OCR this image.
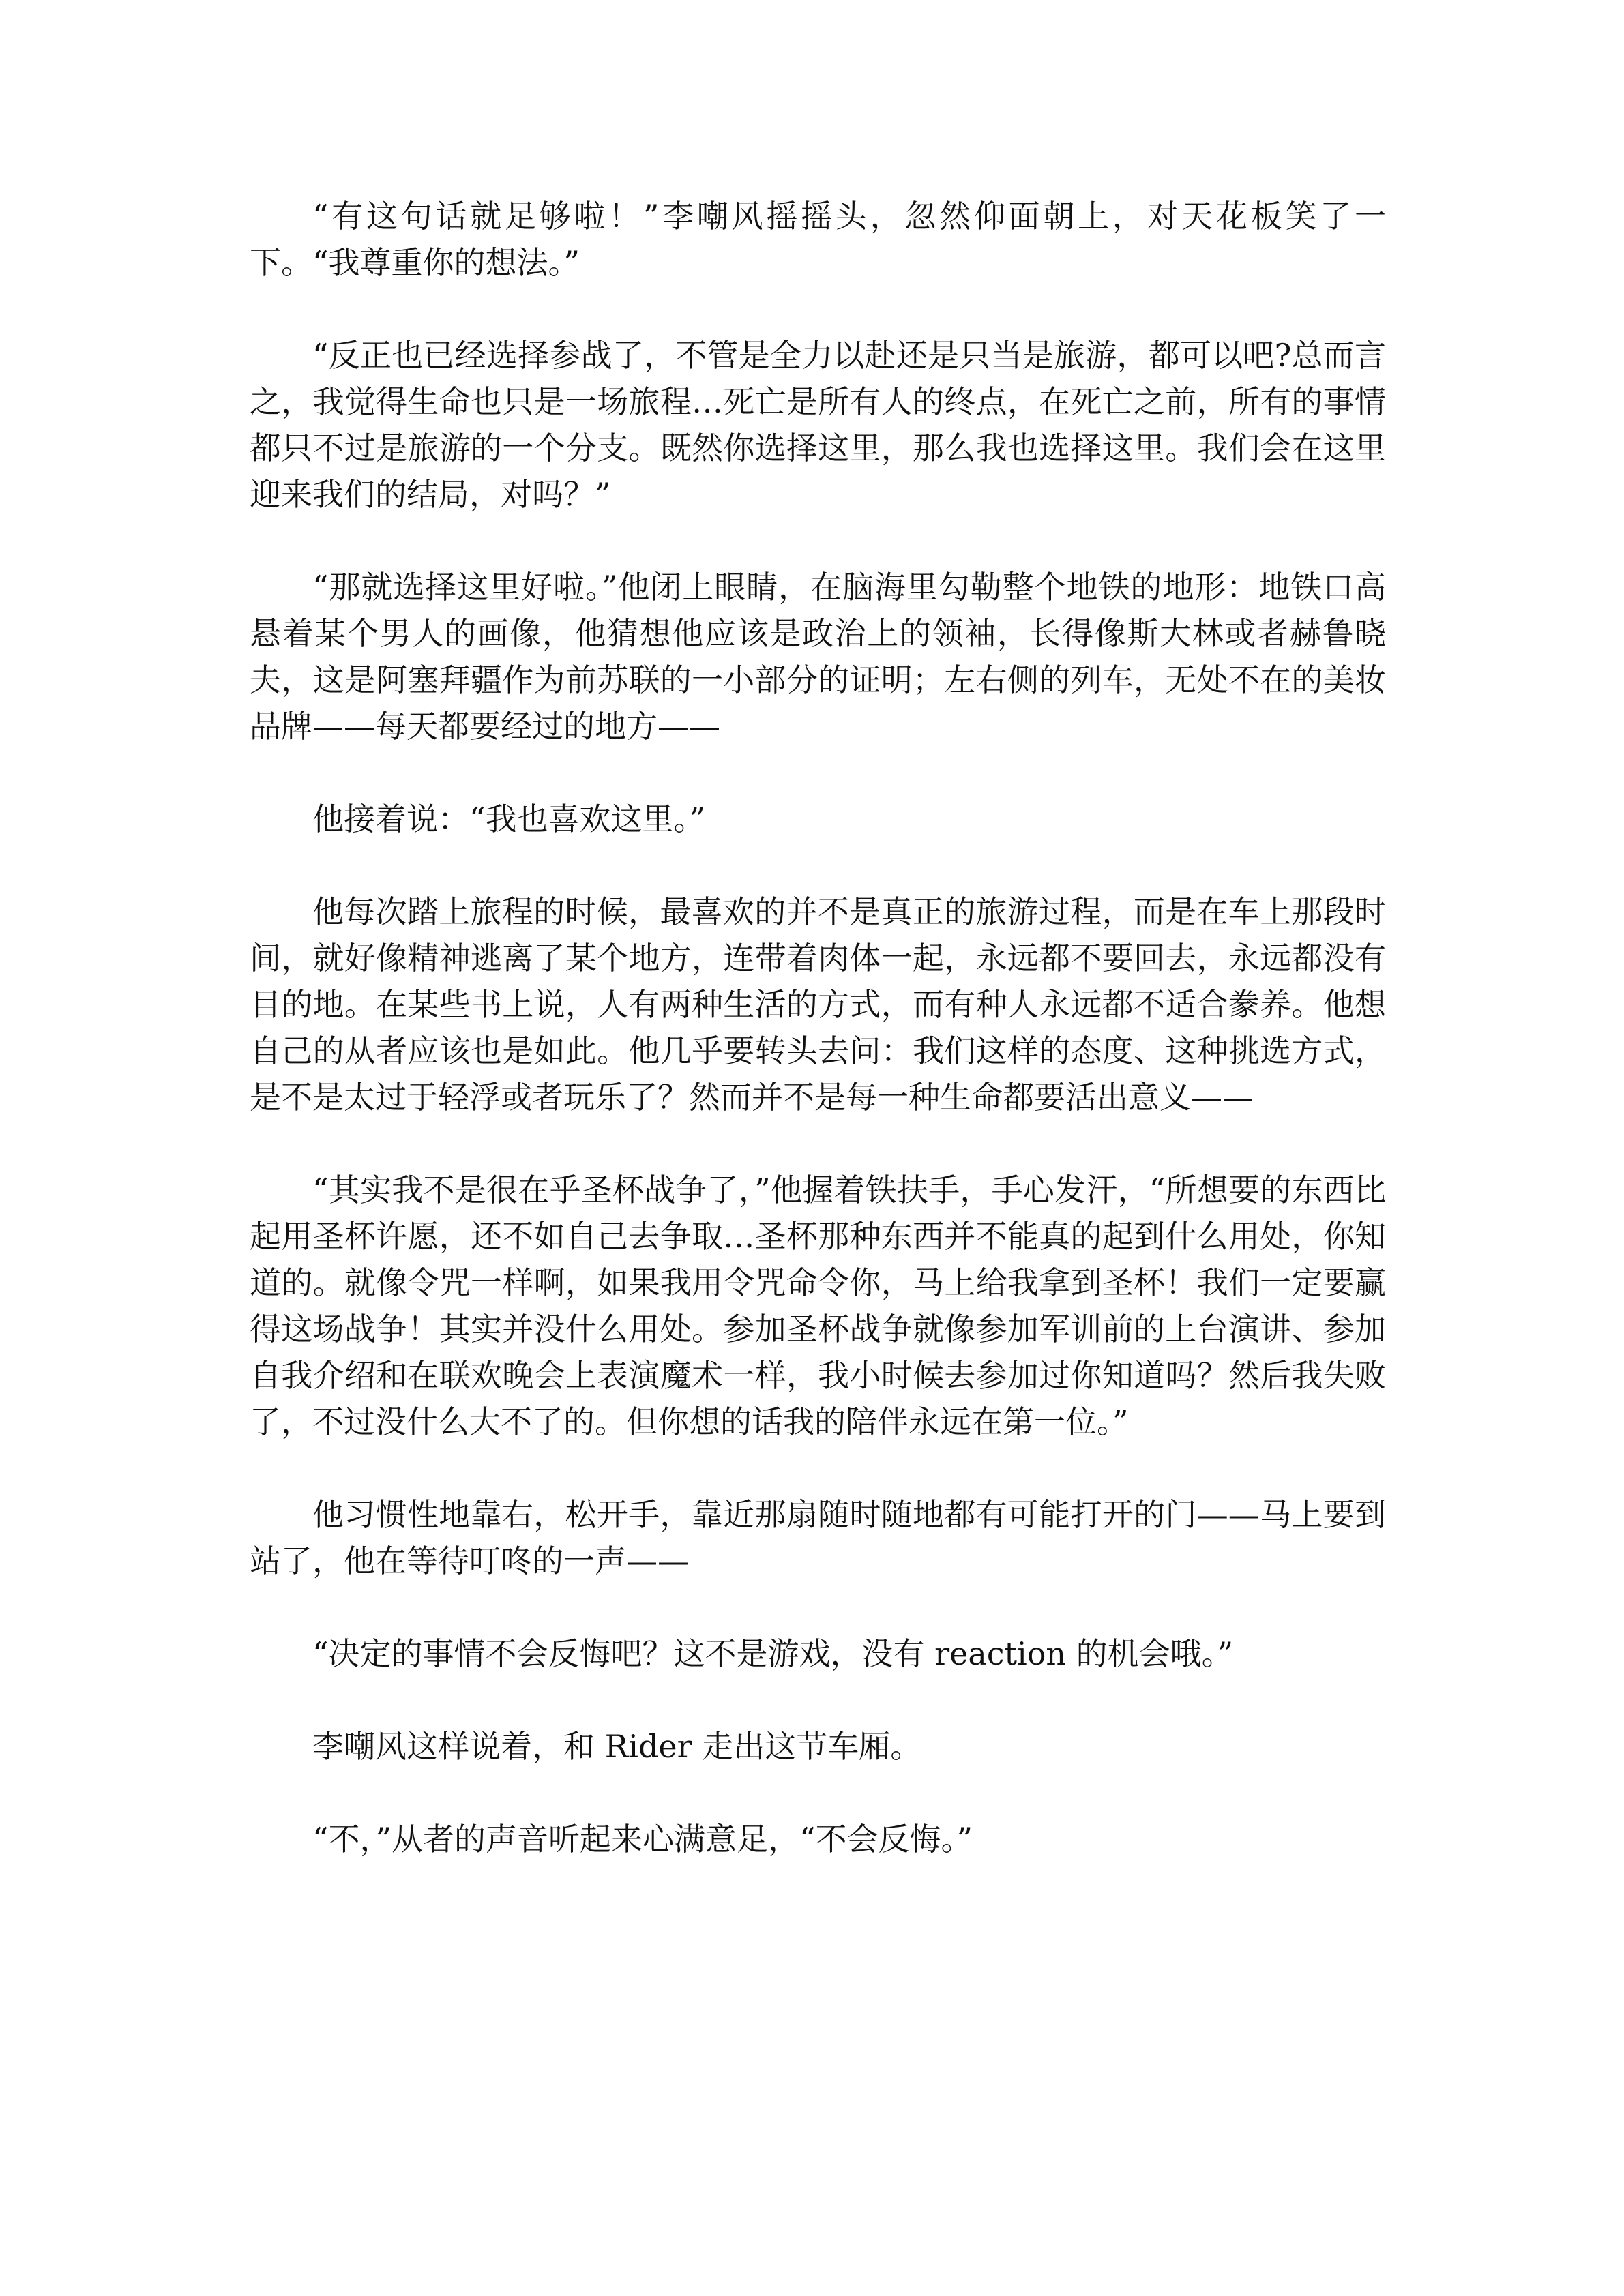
“有这句话就足够啦！”李嘲风摇摇头，忽然仰面朝上，对天花板笑了一下。“我尊重你的想法。”

“反正也已经选择参战了，不管是全力以赴还是只当是旅游，都可以吧?总而言之，我觉得生命也只是一场旅程…死亡是所有人的终点，在死亡之前，所有的事情都只不过是旅游的一个分支。既然你选择这里，那么我也选择这里。我们会在这里迎来我们的结局，对吗？”

“那就选择这里好啦。”他闭上眼睛，在脑海里勾勒整个地铁的地形：地铁口高悬着某个男人的画像，他猜想他应该是政治上的领袖，长得像斯大林或者赫鲁晓夫，这是阿塞拜疆作为前苏联的一小部分的证明；左右侧的列车，无处不在的美妆品牌——每天都要经过的地方——

他接着说：“我也喜欢这里。”

他每次踏上旅程的时候，最喜欢的并不是真正的旅游过程，而是在车上那段时间，就好像精神逃离了某个地方，连带着肉体一起，永远都不要回去，永远都没有目的地。在某些书上说，人有两种生活的方式，而有种人永远都不适合豢养。他想自己的从者应该也是如此。他几乎要转头去问：我们这样的态度、这种挑选方式，是不是太过于轻浮或者玩乐了？然而并不是每一种生命都要活出意义——

“其实我不是很在乎圣杯战争了，”他握着铁扶手，手心发汗，“所想要的东西比起用圣杯许愿，还不如自己去争取…圣杯那种东西并不能真的起到什么用处，你知道的。就像令咒一样啊，如果我用令咒命令你，马上给我拿到圣杯！我们一定要赢得这场战争！其实并没什么用处。参加圣杯战争就像参加军训前的上台演讲、参加自我介绍和在联欢晚会上表演魔术一样，我小时候去参加过你知道吗？然后我失败了，不过没什么大不了的。但你想的话我的陪伴永远在第一位。”

他习惯性地靠右，松开手，靠近那扇随时随地都有可能打开的门——马上要到站了，他在等待叮咚的一声——

“决定的事情不会反悔吧？这不是游戏，没有 reaction 的机会哦。”

李嘲风这样说着，和 Rider 走出这节车厢。

“不，”从者的声音听起来心满意足，“不会反悔。”
